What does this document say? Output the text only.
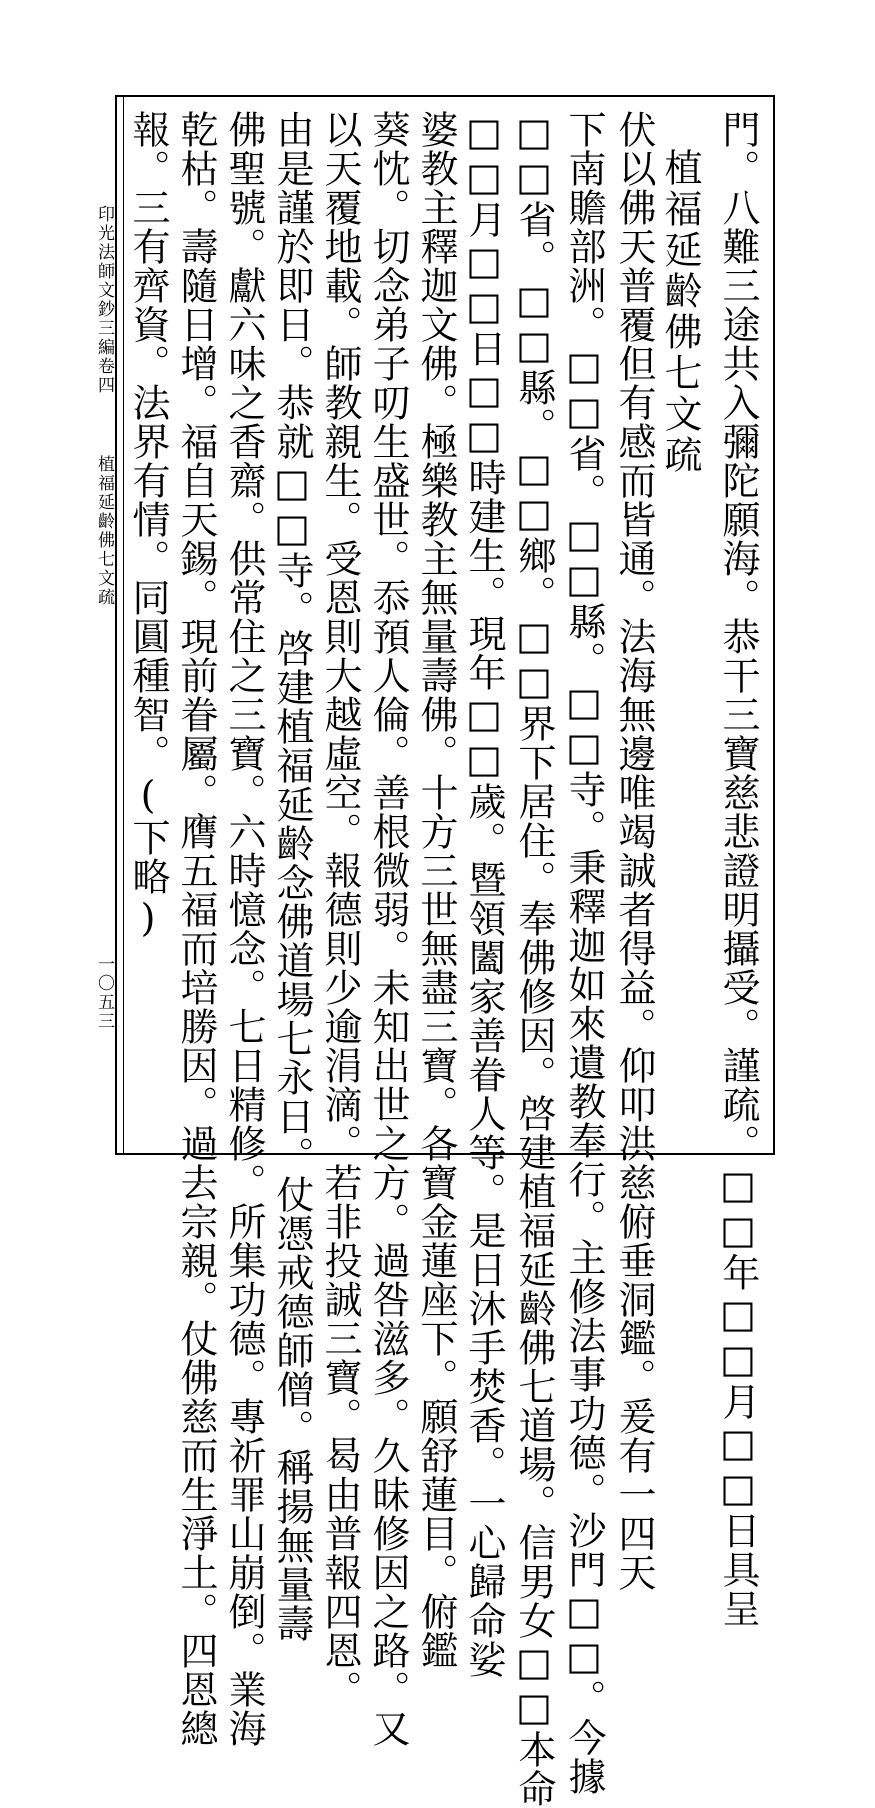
門。八難三途共入彌陀願海。恭干三寶慈悲證明攝受。謹疏。□□年□□月□□日具呈
植福延齡佛七文疏
伏以佛天普覆但有感而皆通。法海無邊唯竭誠者得益。仰叩洪慈俯垂洞鑑。爰有一四天
下南贍部洲。□□省。□□縣。□□寺。秉釋迦如來遺教奉行。主修法事功德。沙門□□。今據
□□省。□□縣。□□鄉。□□界下居住。奉佛修因。啓建植福延齡佛七道場。信男女□□本命
□□月□□日□□時建生。現年□□歲。暨領闔家善眷人等。是日沐手焚香。一心歸命娑
婆教主釋迦文佛。極樂教主無量壽佛。十方三世無盡三寶。各寶金蓮座下。願舒蓮目。俯鑑
葵忱。切念弟子叨生盛世。忝預人倫。善根微弱。未知出世之方。過咎滋多。久昧修因之路。又
以天覆地載。師教親生。受恩則大越虛空。報德則少逾涓滴。若非投誠三寶。曷由普報四恩。
由是謹於即日。恭就□□寺。啓建植福延齡念佛道場七永日。仗憑戒德師僧。稱揚無量壽
佛聖號。獻六味之香齋。供常住之三寶。六時憶念。七日精修。所集功德。專祈罪山崩倒。業海
乾枯。壽隨日增。福自天錫。現前眷屬。膺五福而培勝因。過去宗親。仗佛慈而生淨土。四恩總
報。三有齊資。法界有情。同圓種智。(下略)
印光法師文鈔三編卷四
植福延齡佛七文疏
一〇五三
